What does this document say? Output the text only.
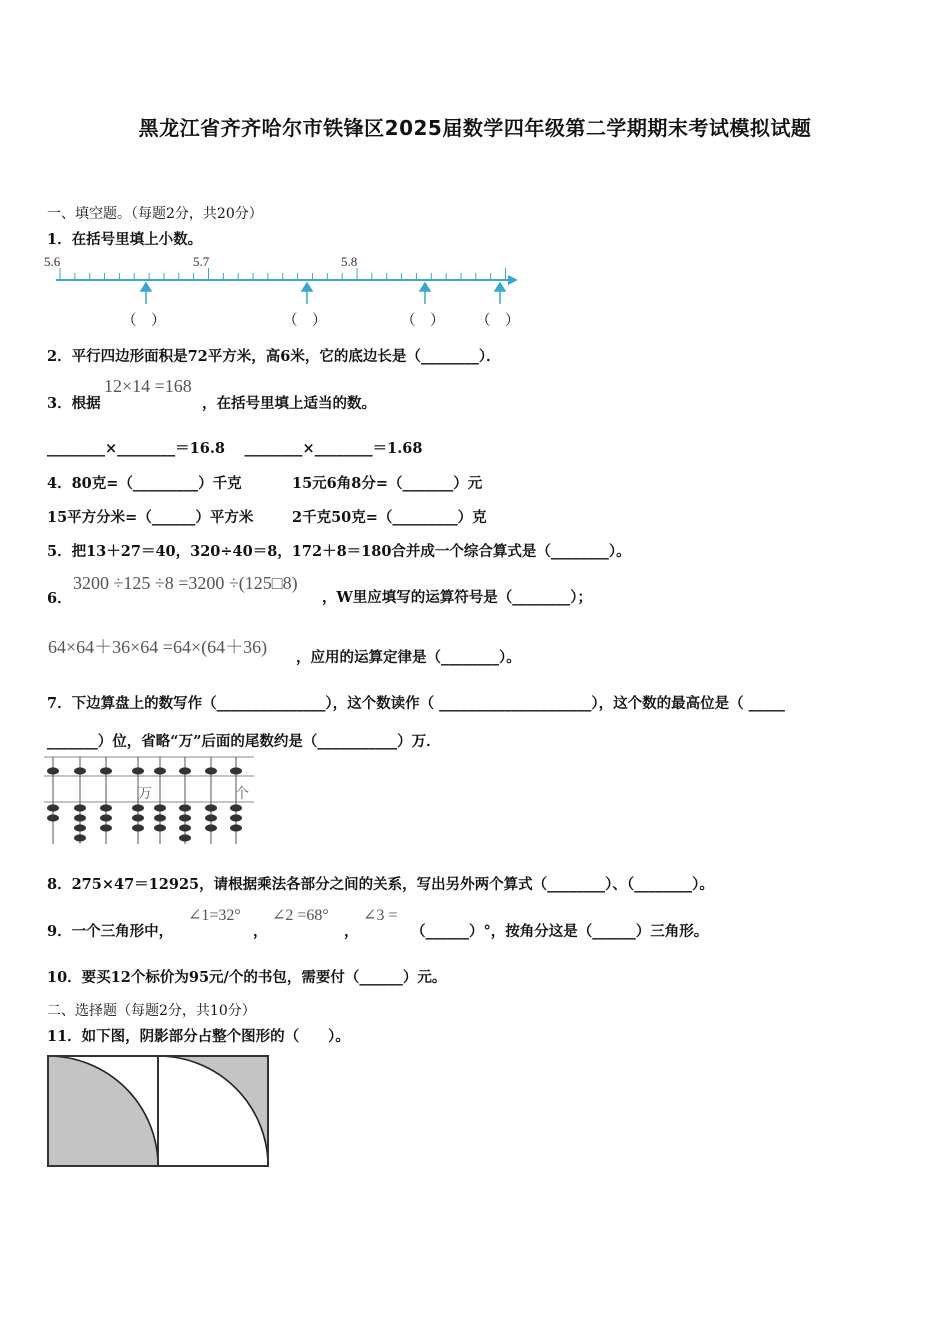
黑龙江省齐齐哈尔市铁锋区2025届数学四年级第二学期期末考试模拟试题
一、填空题。（每题2分，共20分）
1．在括号里填上小数。
5.6	5.7	5.8
（　）	（　）	（　） （　）
2．平行四边形面积是72平方米，高6米，它的底边长是（________）．
3．根据
12×14 =168
，在括号里填上适当的数。
________×________＝16.8　 ________×________＝1.68
4．80克=（_________）千克	15元6角8分=（_______）元
15平方分米=（______）平方米	2千克50克=（_________）克
5．把13＋27＝40，320÷40＝8，172＋8＝180合并成一个综合算式是（________）。
6．
3200 ÷125 ÷8 =3200 ÷(125□8)
，W里应填写的运算符号是（________）；
64×64＋36×64 =64×(64＋36)
，应用的运算定律是（________）。
7．下边算盘上的数写作（_______________），这个数读作（ _____________________），这个数的最高位是（ _____
_______）位，省略“万”后面的尾数约是（___________）万．
万	个
8．275×47＝12925，请根据乘法各部分之间的关系，写出另外两个算式（________）、（________）。
9．一个三角形中，
∠1=32°
，
∠2 =68°
，
∠3 =
（______）°，按角分这是（______）三角形。
10．要买12个标价为95元/个的书包，需要付（______）元。
二、选择题（每题2分，共10分）
11．如下图，阴影部分占整个图形的（　　）。
